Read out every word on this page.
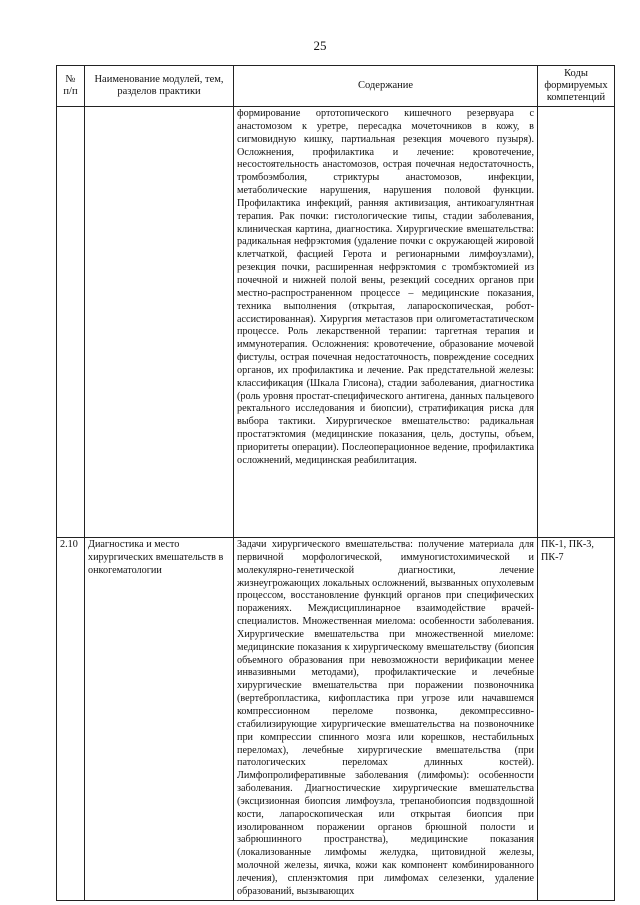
25
№ п/п	Наименование модулей, тем, разделов практики	Содержание	Коды формируемых компетенций
		формирование ортотопического кишечного резервуара с анастомозом к уретре, пересадка мочеточников в кожу, в сигмовидную кишку, партиальная резекция мочевого пузыря). Осложнения, профилактика и лечение: кровотечение, несостоятельность анастомозов, острая почечная недостаточность, тромбоэмболия, стриктуры анастомозов, инфекции, метаболические нарушения, нарушения половой функции. Профилактика инфекций, ранняя активизация, антикоагулянтная терапия. Рак почки: гистологические типы, стадии заболевания, клиническая картина, диагностика. Хирургические вмешательства: радикальная нефрэктомия (удаление почки с окружающей жировой клетчаткой, фасцией Герота и регионарными лимфоузлами), резекция почки, расширенная нефрэктомия с тромбэктомией из почечной и нижней полой вены, резекций соседних органов при местно-распространенном процессе – медицинские показания, техника выполнения (открытая, лапароскопическая, робот-ассистированная). Хирургия метастазов при олигометастатическом процессе. Роль лекарственной терапии: таргетная терапия и иммунотерапия. Осложнения: кровотечение, образование мочевой фистулы, острая почечная недостаточность, повреждение соседних органов, их профилактика и лечение. Рак предстательной железы: классификация (Шкала Глисона), стадии заболевания, диагностика (роль уровня простат-специфического антигена, данных пальцевого ректального исследования и биопсии), стратификация риска для выбора тактики. Хирургическое вмешательство: радикальная простатэктомия (медицинские показания, цель, доступы, объем, приоритеты операции). Послеоперационное ведение, профилактика осложнений, медицинская реабилитация.	
2.10	Диагностика и место хирургических вмешательств в онкогематологии	Задачи хирургического вмешательства: получение материала для первичной морфологической, иммуногистохимической и молекулярно-генетической диагностики, лечение жизнеугрожающих локальных осложнений, вызванных опухолевым процессом, восстановление функций органов при специфических поражениях. Междисциплинарное взаимодействие врачей-специалистов. Множественная миелома: особенности заболевания. Хирургические вмешательства при множественной миеломе: медицинские показания к хирургическому вмешательству (биопсия объемного образования при невозможности верификации менее инвазивными методами), профилактические и лечебные хирургические вмешательства при поражении позвоночника (вертебропластика, кифопластика при угрозе или начавшемся компрессионном переломе позвонка, декомпрессивно-стабилизирующие хирургические вмешательства на позвоночнике при компрессии спинного мозга или корешков, нестабильных переломах), лечебные хирургические вмешательства (при патологических переломах длинных костей). Лимфопролиферативные заболевания (лимфомы): особенности заболевания. Диагностические хирургические вмешательства (эксцизионная биопсия лимфоузла, трепанобиопсия подвздошной кости, лапароскопическая или открытая биопсия при изолированном поражении органов брюшной полости и забрюшинного пространства), медицинские показания (локализованные лимфомы желудка, щитовидной железы, молочной железы, яичка, кожи как компонент комбинированного лечения), спленэктомия при лимфомах селезенки, удаление образований, вызывающих	ПК-1, ПК-3, ПК-7
